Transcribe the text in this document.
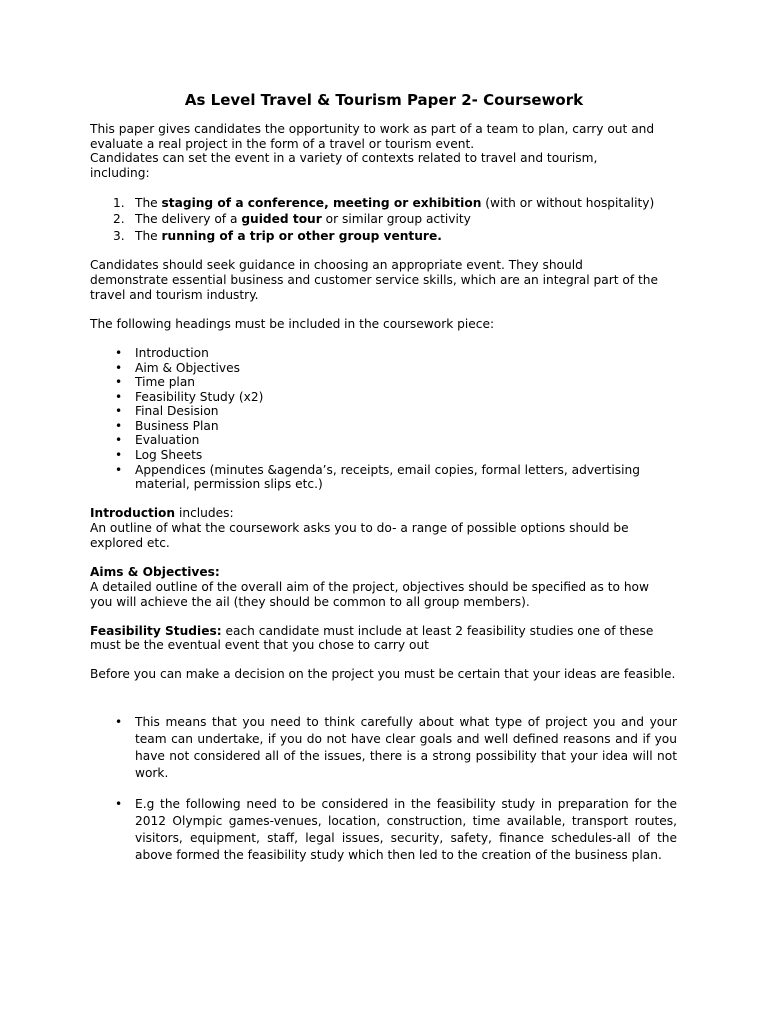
As Level Travel & Tourism Paper 2- Coursework
This paper gives candidates the opportunity to work as part of a team to plan, carry out and
evaluate a real project in the form of a travel or tourism event.
Candidates can set the event in a variety of contexts related to travel and tourism,
including:
1. The staging of a conference, meeting or exhibition (with or without hospitality)
2. The delivery of a guided tour or similar group activity
3. The running of a trip or other group venture.
Candidates should seek guidance in choosing an appropriate event. They should
demonstrate essential business and customer service skills, which are an integral part of the
travel and tourism industry.
The following headings must be included in the coursework piece:
•	Introduction
•	Aim & Objectives
•	Time plan
•	Feasibility Study (x2)
•	Final Desision
•	Business Plan
•	Evaluation
•	Log Sheets
•	Appendices (minutes &agenda’s, receipts, email copies, formal letters, advertising
material, permission slips etc.)
Introduction includes:
An outline of what the coursework asks you to do- a range of possible options should be
explored etc.
Aims & Objectives:
A detailed outline of the overall aim of the project, objectives should be specified as to how
you will achieve the ail (they should be common to all group members).
Feasibility Studies: each candidate must include at least 2 feasibility studies one of these
must be the eventual event that you chose to carry out

Before you can make a decision on the project you must be certain that your ideas are feasible.

• This means that you need to think carefully about what type of project you and your team can undertake, if you do not have clear goals and well defined reasons and if you have not considered all of the issues, there is a strong possibility that your idea will not work.
• E.g the following need to be considered in the feasibility study in preparation for the 2012 Olympic games-venues, location, construction, time available, transport routes, visitors, equipment, staff, legal issues, security, safety, finance schedules-all of the above formed the feasibility study which then led to the creation of the business plan.
